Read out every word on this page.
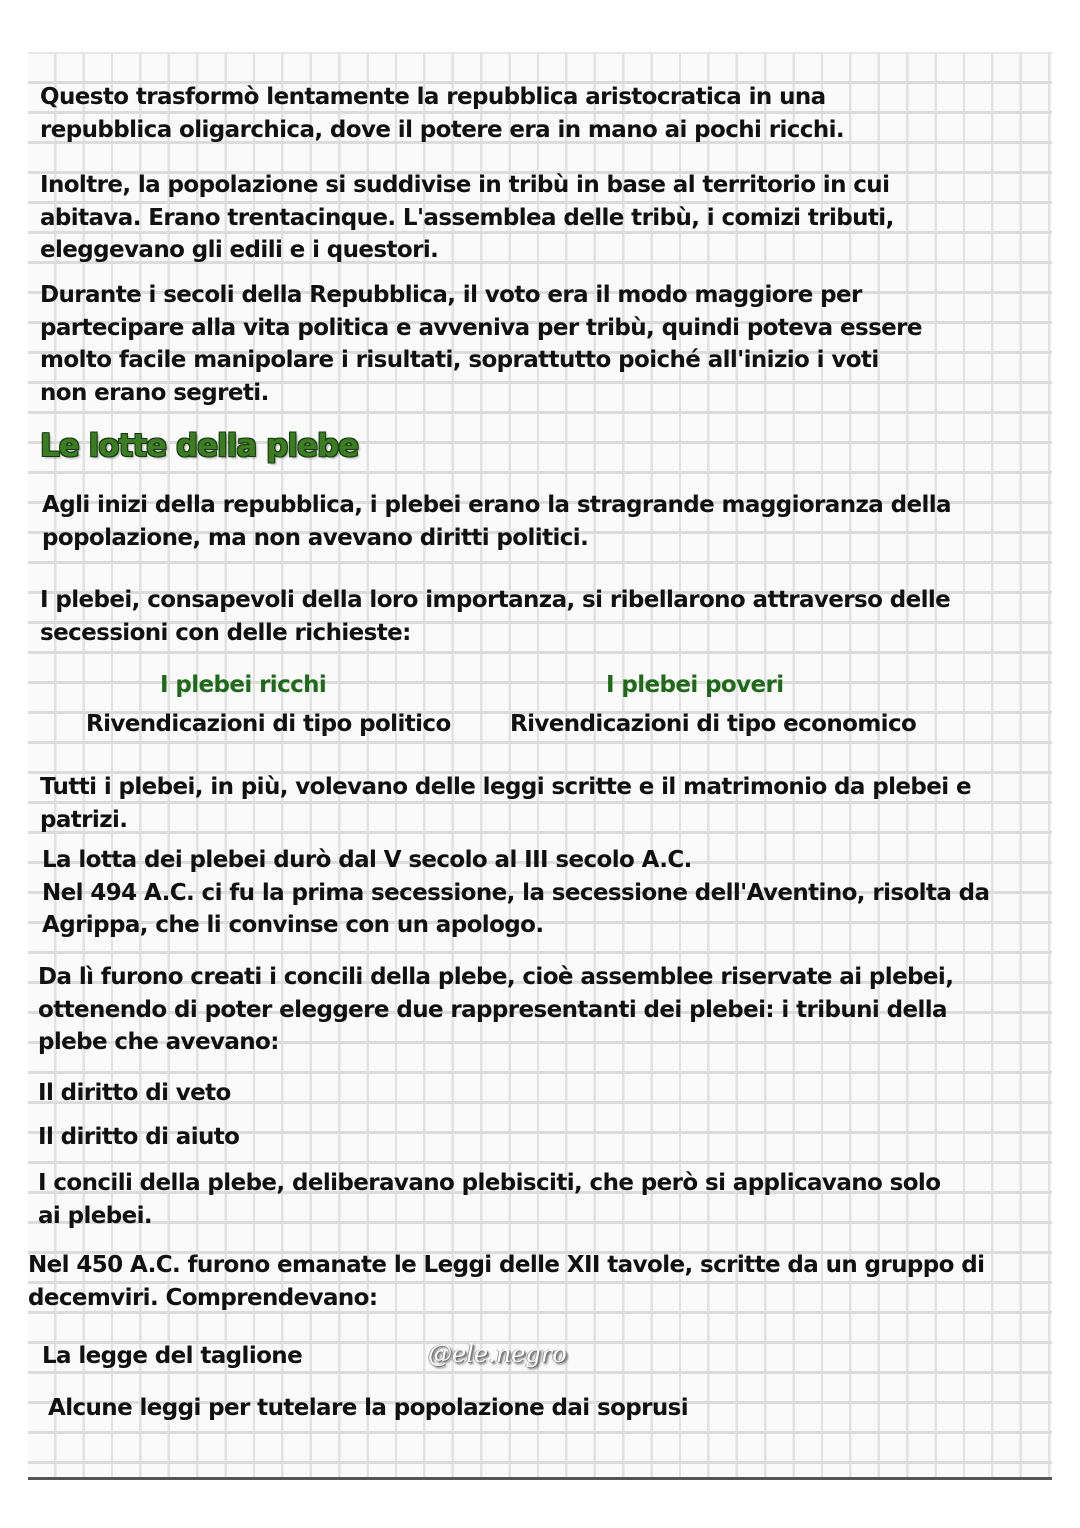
Questo trasformò lentamente la repubblica aristocratica in una
repubblica oligarchica, dove il potere era in mano ai pochi ricchi.
Inoltre, la popolazione si suddivise in tribù in base al territorio in cui
abitava. Erano trentacinque. L'assemblea delle tribù, i comizi tributi,
eleggevano gli edili e i questori.
Durante i secoli della Repubblica, il voto era il modo maggiore per
partecipare alla vita politica e avveniva per tribù, quindi poteva essere
molto facile manipolare i risultati, soprattutto poiché all'inizio i voti
non erano segreti.
Le lotte della plebe
Agli inizi della repubblica, i plebei erano la stragrande maggioranza della
popolazione, ma non avevano diritti politici.
I plebei, consapevoli della loro importanza, si ribellarono attraverso delle
secessioni con delle richieste:
I plebei ricchi
Rivendicazioni di tipo politico
I plebei poveri
Rivendicazioni di tipo economico
Tutti i plebei, in più, volevano delle leggi scritte e il matrimonio da plebei e
patrizi.
La lotta dei plebei durò dal V secolo al III secolo A.C.
Nel 494 A.C. ci fu la prima secessione, la secessione dell'Aventino, risolta da
Agrippa, che li convinse con un apologo.
Da lì furono creati i concili della plebe, cioè assemblee riservate ai plebei,
ottenendo di poter eleggere due rappresentanti dei plebei: i tribuni della
plebe che avevano:
Il diritto di veto
Il diritto di aiuto
I concili della plebe, deliberavano plebisciti, che però si applicavano solo
ai plebei.
Nel 450 A.C. furono emanate le Leggi delle XII tavole, scritte da un gruppo di
decemviri. Comprendevano:
La legge del taglione	@ele.negro
Alcune leggi per tutelare la popolazione dai soprusi
